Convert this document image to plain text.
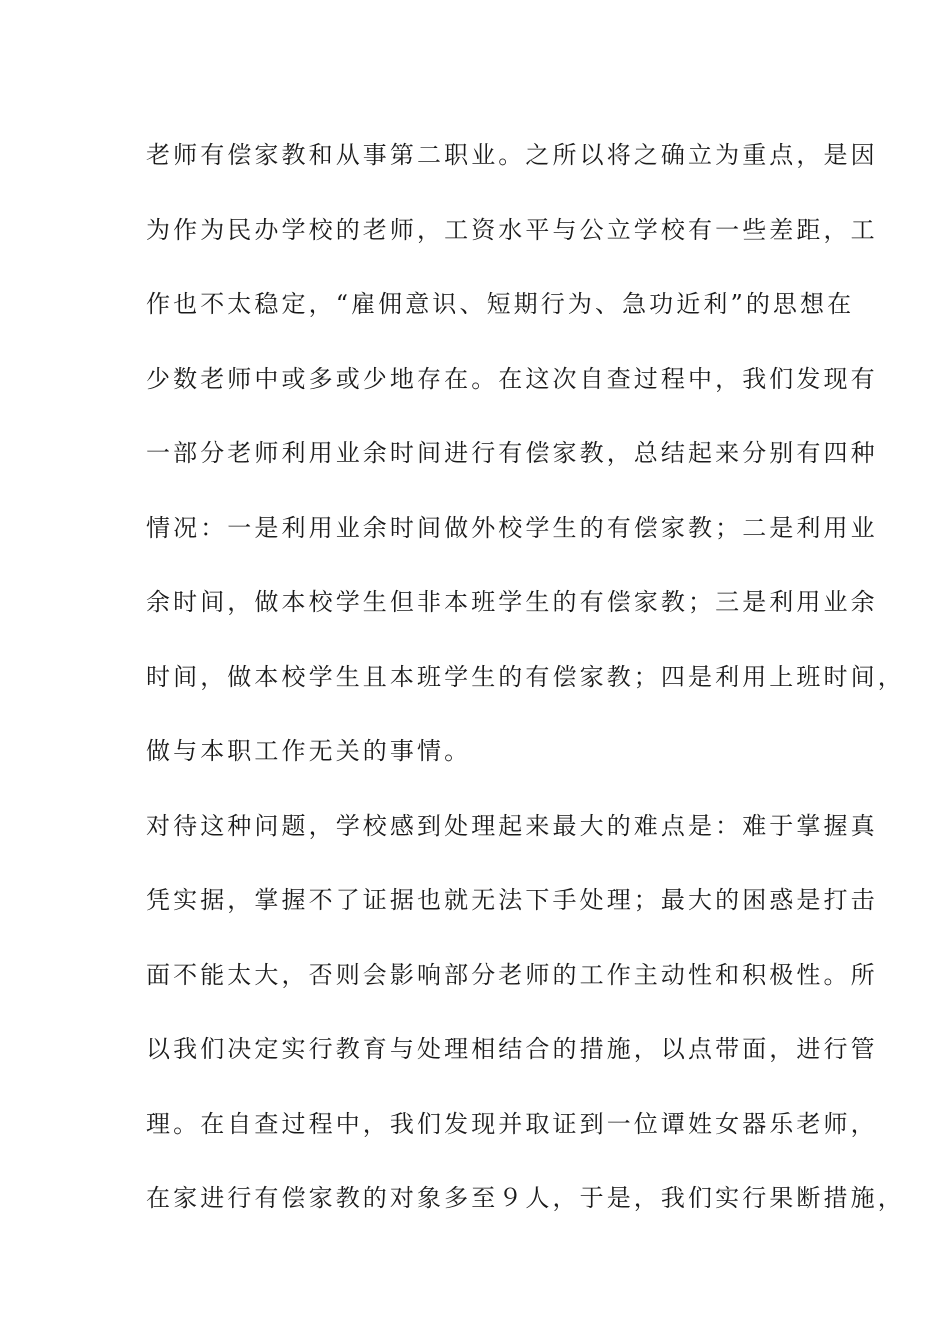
老师有偿家教和从事第二职业。之所以将之确立为重点，是因
为作为民办学校的老师，工资水平与公立学校有一些差距，工
作也不太稳定，“雇佣意识、短期行为、急功近利”的思想在
少数老师中或多或少地存在。在这次自查过程中，我们发现有
一部分老师利用业余时间进行有偿家教，总结起来分别有四种
情况：一是利用业余时间做外校学生的有偿家教；二是利用业
余时间，做本校学生但非本班学生的有偿家教；三是利用业余
时间，做本校学生且本班学生的有偿家教；四是利用上班时间，
做与本职工作无关的事情。
对待这种问题，学校感到处理起来最大的难点是：难于掌握真
凭实据，掌握不了证据也就无法下手处理；最大的困惑是打击
面不能太大，否则会影响部分老师的工作主动性和积极性。所
以我们决定实行教育与处理相结合的措施，以点带面，进行管
理。在自查过程中，我们发现并取证到一位谭姓女器乐老师，
在家进行有偿家教的对象多至９人，于是，我们实行果断措施，
